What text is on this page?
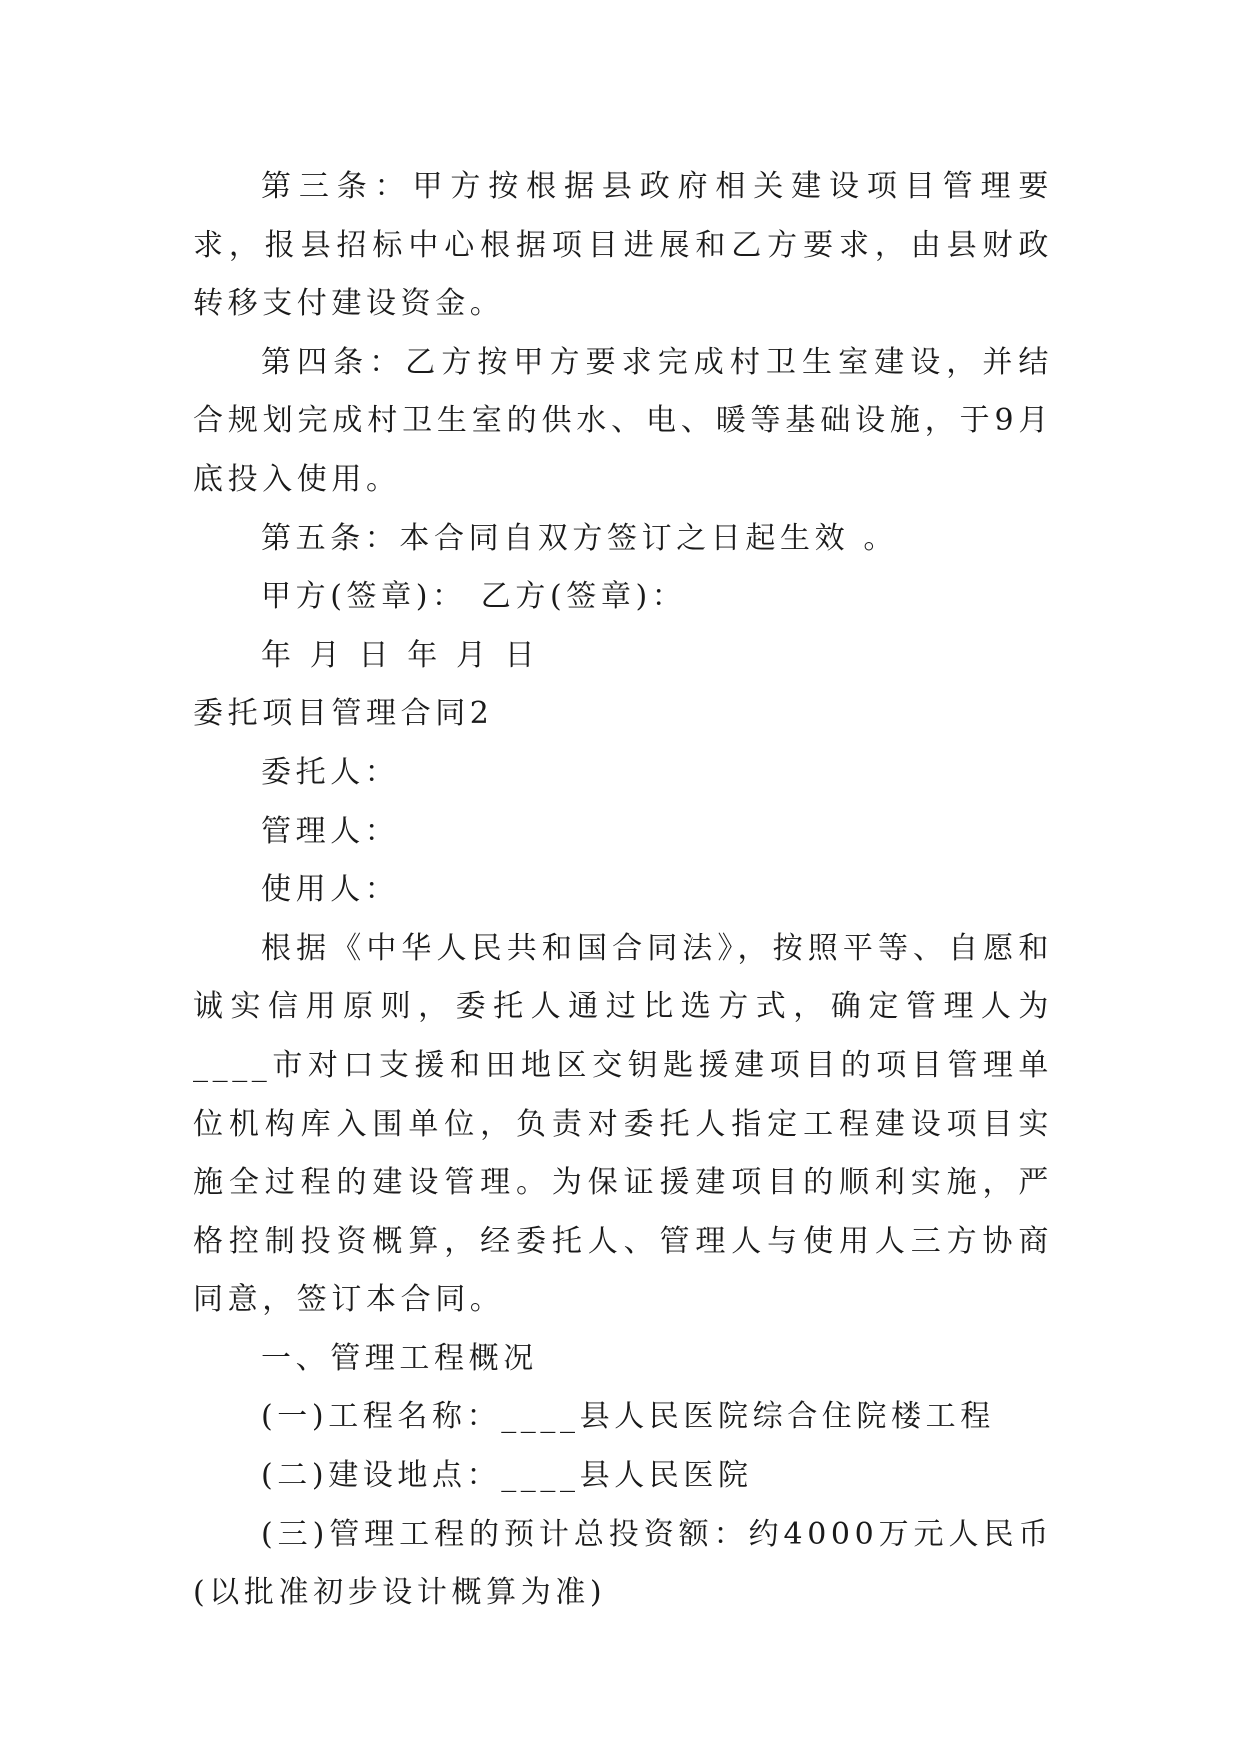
第三条：甲方按根据县政府相关建设项目管理要求，报县招标中心根据项目进展和乙方要求，由县财政转移支付建设资金。

第四条：乙方按甲方要求完成村卫生室建设，并结合规划完成村卫生室的供水、电、暖等基础设施，于9月底投入使用。

第五条：本合同自双方签订之日起生效 。

甲方(签章)： 乙方(签章)：

年 月 日 年 月 日

委托项目管理合同2

委托人：

管理人：

使用人：

根据《中华人民共和国合同法》，按照平等、自愿和诚实信用原则，委托人通过比选方式，确定管理人为____市对口支援和田地区交钥匙援建项目的项目管理单位机构库入围单位，负责对委托人指定工程建设项目实施全过程的建设管理。为保证援建项目的顺利实施，严格控制投资概算，经委托人、管理人与使用人三方协商同意，签订本合同。

一、管理工程概况

(一)工程名称：____县人民医院综合住院楼工程

(二)建设地点：____县人民医院

(三)管理工程的预计总投资额：约4000万元人民币(以批准初步设计概算为准)
